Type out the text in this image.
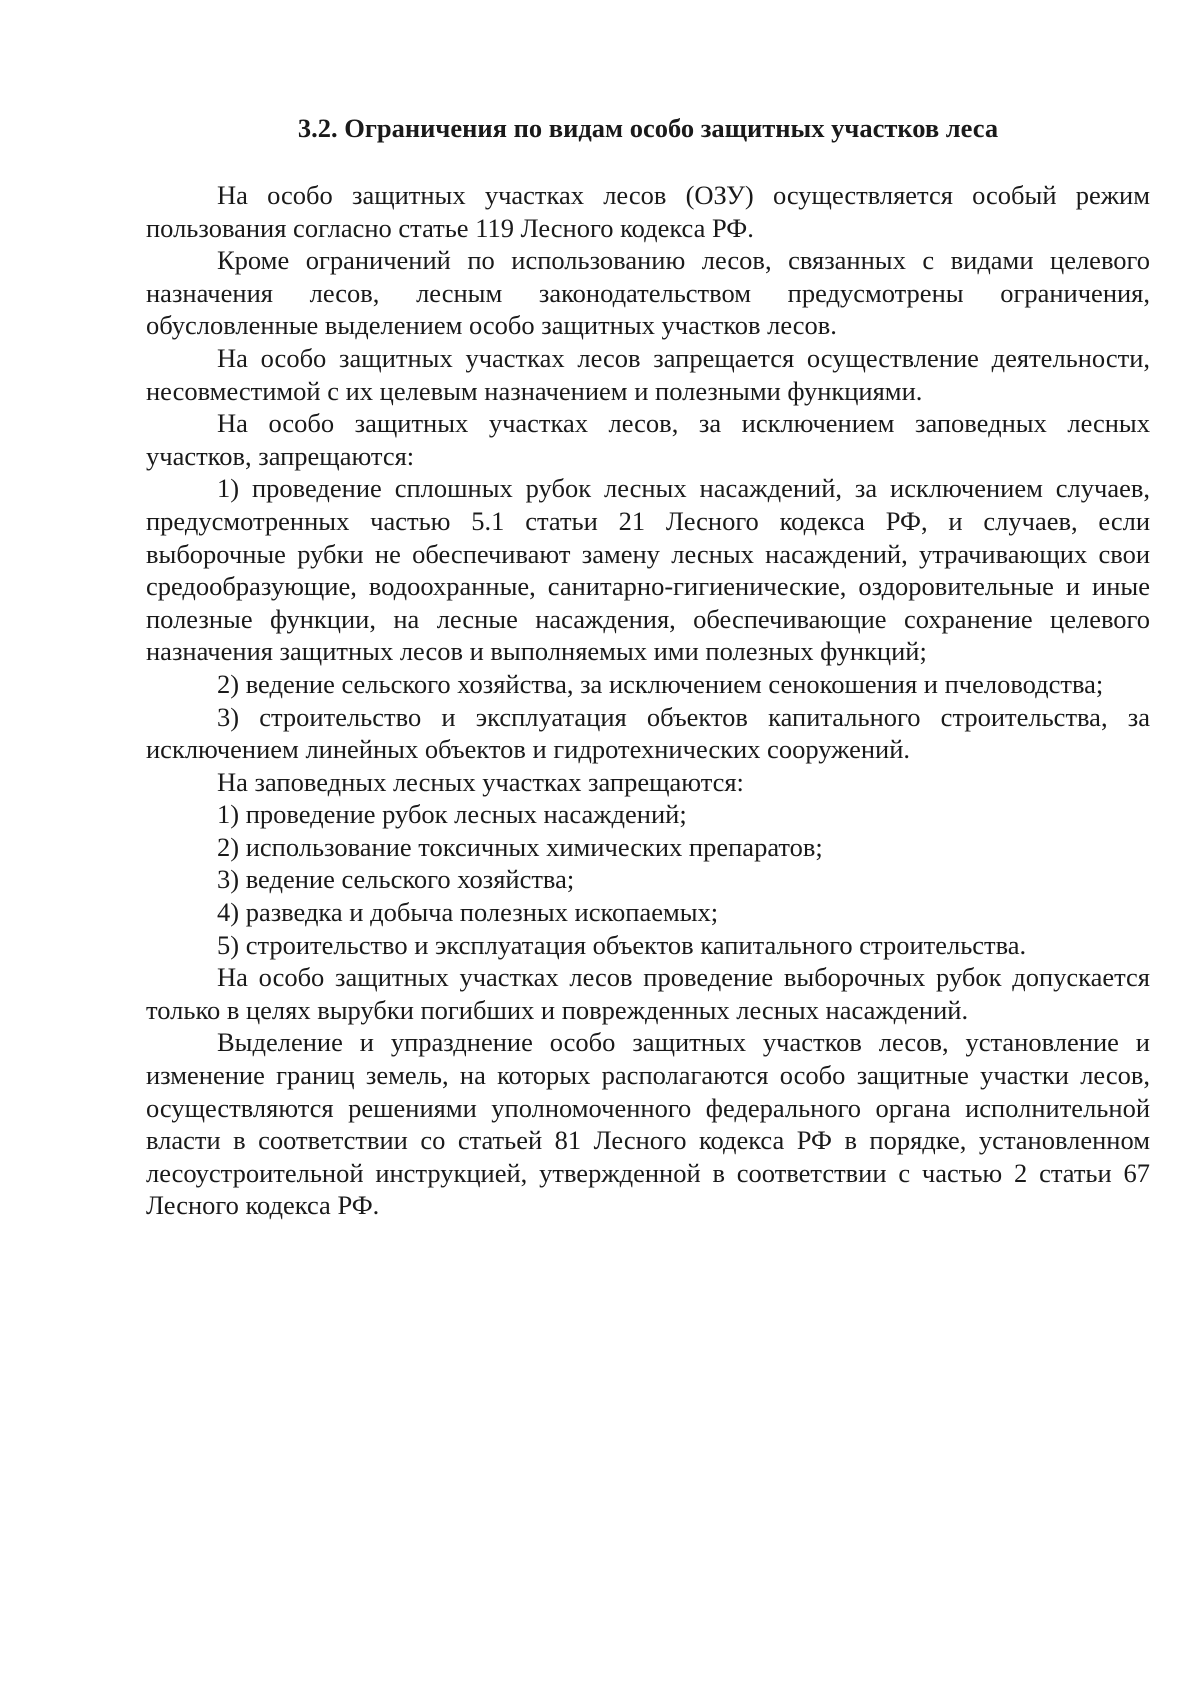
3.2. Ограничения по видам особо защитных участков леса

На особо защитных участках лесов (ОЗУ) осуществляется особый режим пользования согласно статье 119 Лесного кодекса РФ.

Кроме ограничений по использованию лесов, связанных с видами целевого назначения лесов, лесным законодательством предусмотрены ограничения, обусловленные выделением особо защитных участков лесов.

На особо защитных участках лесов запрещается осуществление деятельности, несовместимой с их целевым назначением и полезными функциями.

На особо защитных участках лесов, за исключением заповедных лесных участков, запрещаются:

1) проведение сплошных рубок лесных насаждений, за исключением случаев, предусмотренных частью 5.1 статьи 21 Лесного кодекса РФ, и случаев, если выборочные рубки не обеспечивают замену лесных насаждений, утрачивающих свои средообразующие, водоохранные, санитарно-гигиенические, оздоровительные и иные полезные функции, на лесные насаждения, обеспечивающие сохранение целевого назначения защитных лесов и выполняемых ими полезных функций;

2) ведение сельского хозяйства, за исключением сенокошения и пчеловодства;

3) строительство и эксплуатация объектов капитального строительства, за исключением линейных объектов и гидротехнических сооружений.

На заповедных лесных участках запрещаются:

1) проведение рубок лесных насаждений;

2) использование токсичных химических препаратов;

3) ведение сельского хозяйства;

4) разведка и добыча полезных ископаемых;

5) строительство и эксплуатация объектов капитального строительства.

На особо защитных участках лесов проведение выборочных рубок допускается только в целях вырубки погибших и поврежденных лесных насаждений.

Выделение и упразднение особо защитных участков лесов, установление и изменение границ земель, на которых располагаются особо защитные участки лесов, осуществляются решениями уполномоченного федерального органа исполнительной власти в соответствии со статьей 81 Лесного кодекса РФ в порядке, установленном лесоустроительной инструкцией, утвержденной в соответствии с частью 2 статьи 67 Лесного кодекса РФ.
